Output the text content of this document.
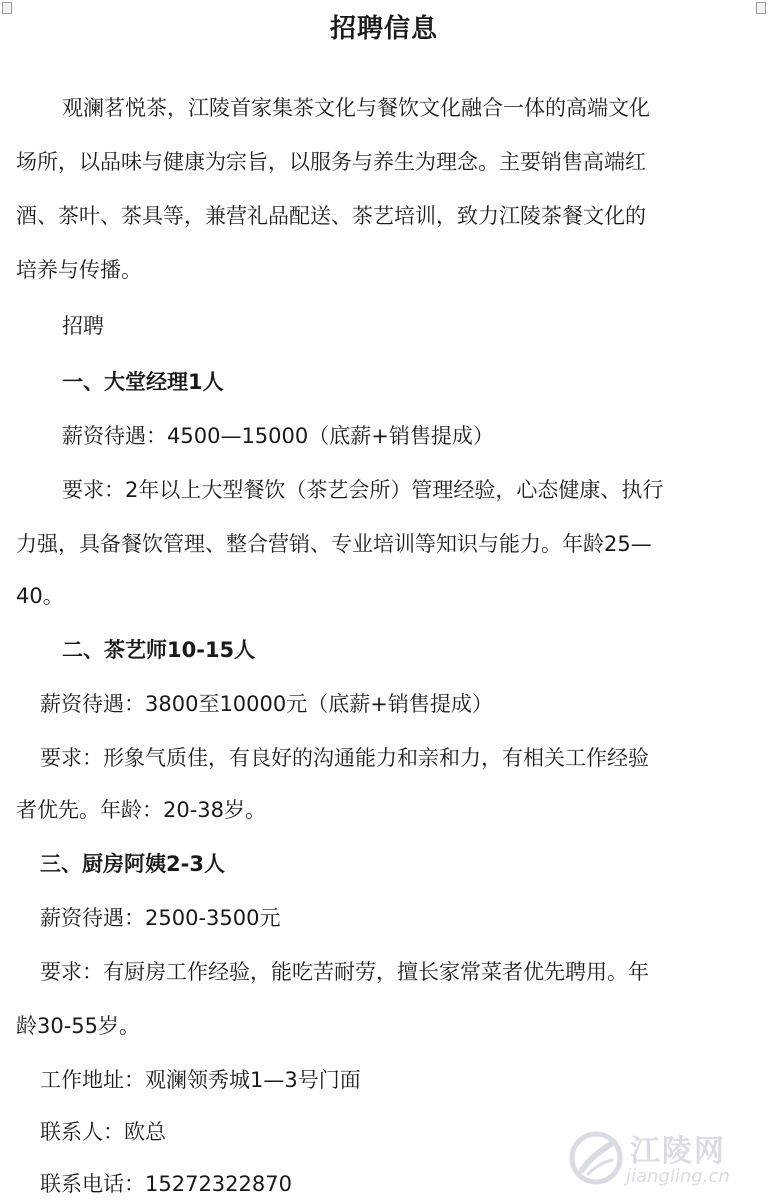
招聘信息
观澜茗悦茶，江陵首家集茶文化与餐饮文化融合一体的高端文化
场所，以品味与健康为宗旨，以服务与养生为理念。主要销售高端红
酒、茶叶、茶具等，兼营礼品配送、茶艺培训，致力江陵茶餐文化的
培养与传播。
招聘
一、大堂经理1人
薪资待遇：4500—15000（底薪+销售提成）
要求：2年以上大型餐饮（茶艺会所）管理经验，心态健康、执行
力强，具备餐饮管理、整合营销、专业培训等知识与能力。年龄25—
40。
二、茶艺师10-15人
薪资待遇：3800至10000元（底薪+销售提成）
要求：形象气质佳，有良好的沟通能力和亲和力，有相关工作经验
者优先。年龄：20-38岁。
三、厨房阿姨2-3人
薪资待遇：2500-3500元
要求：有厨房工作经验，能吃苦耐劳，擅长家常菜者优先聘用。年
龄30-55岁。
工作地址：观澜领秀城1—3号门面
联系人：欧总
联系电话：15272322870
江陵网
jiangling.cn
